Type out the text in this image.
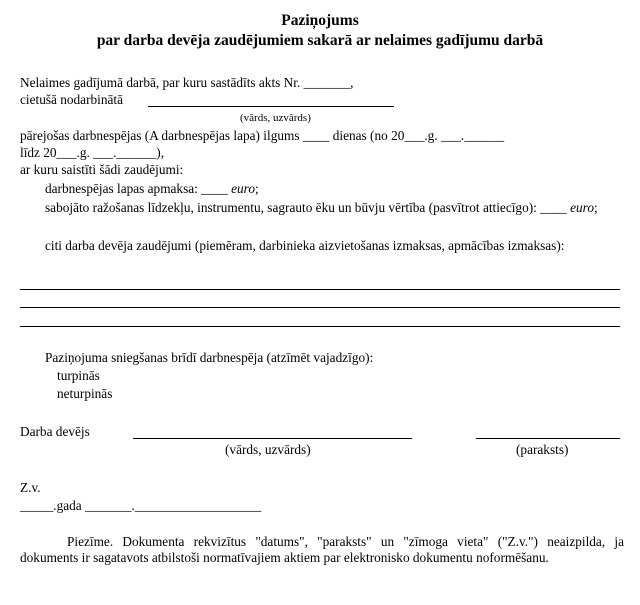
Paziņojums
par darba devēja zaudējumiem sakarā ar nelaimes gadījumu darbā
Nelaimes gadījumā darbā, par kuru sastādīts akts Nr. _______,
cietušā nodarbinātā
(vārds, uzvārds)
pārejošas darbnespējas (A darbnespējas lapa) ilgums ____ dienas (no 20___.g. ___.______
līdz 20___.g. ___.______),
ar kuru saistīti šādi zaudējumi:
darbnespējas lapas apmaksa: ____ euro;
sabojāto ražošanas līdzekļu, instrumentu, sagrauto ēku un būvju vērtība (pasvītrot attiecīgo): ____ euro;
citi darba devēja zaudējumi (piemēram, darbinieka aizvietošanas izmaksas, apmācības izmaksas):
Paziņojuma sniegšanas brīdī darbnespēja (atzīmēt vajadzīgo):
turpinās
neturpinās
Darba devējs
(vārds, uzvārds)	(paraksts)
Z.v.
_____.gada _______.___________________
Piezīme. Dokumenta rekvizītus "datums", "paraksts" un "zīmoga vieta" ("Z.v.") neaizpilda, ja dokuments ir sagatavots atbilstoši normatīvajiem aktiem par elektronisko dokumentu noformēšanu.
